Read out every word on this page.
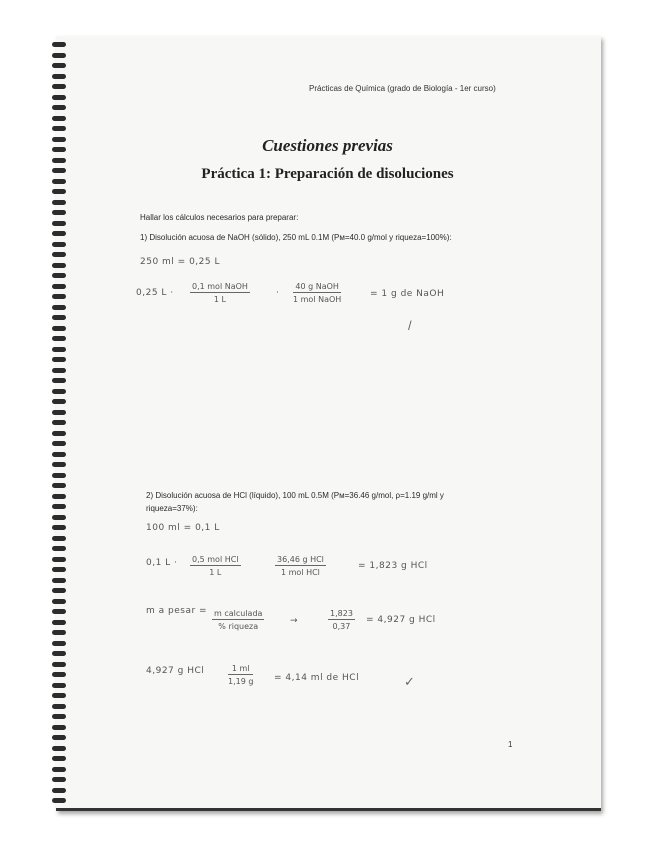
Prácticas de Química (grado de Biología - 1er curso)
Cuestiones previas
Práctica 1: Preparación de disoluciones
Hallar los cálculos necesarios para preparar:
1) Disolución acuosa de NaOH (sólido), 250 mL 0.1M (Pм=40.0 g/mol y riqueza=100%):
250 ml = 0,25 L
0,25 L ·
0,1 mol NaOH
1 L
·
40 g NaOH
1 mol NaOH
= 1 g de NaOH
/
2) Disolución acuosa de HCl (líquido), 100 mL 0.5M (Pм=36.46 g/mol, ρ=1.19 g/ml y
riqueza=37%):
100 ml = 0,1 L
0,1 L · 0,5 mol HCl
1 L
36,46 g HCl
1 mol HCl
= 1,823 g HCl
m a pesar = m calculada
% riqueza
→	$\frac{1,823}{0,37} = 4,927$ g HCl
4,927 g HCl	$\frac{1 ml}{1,19 g} = 4,14$ ml de HCl	✓
1
